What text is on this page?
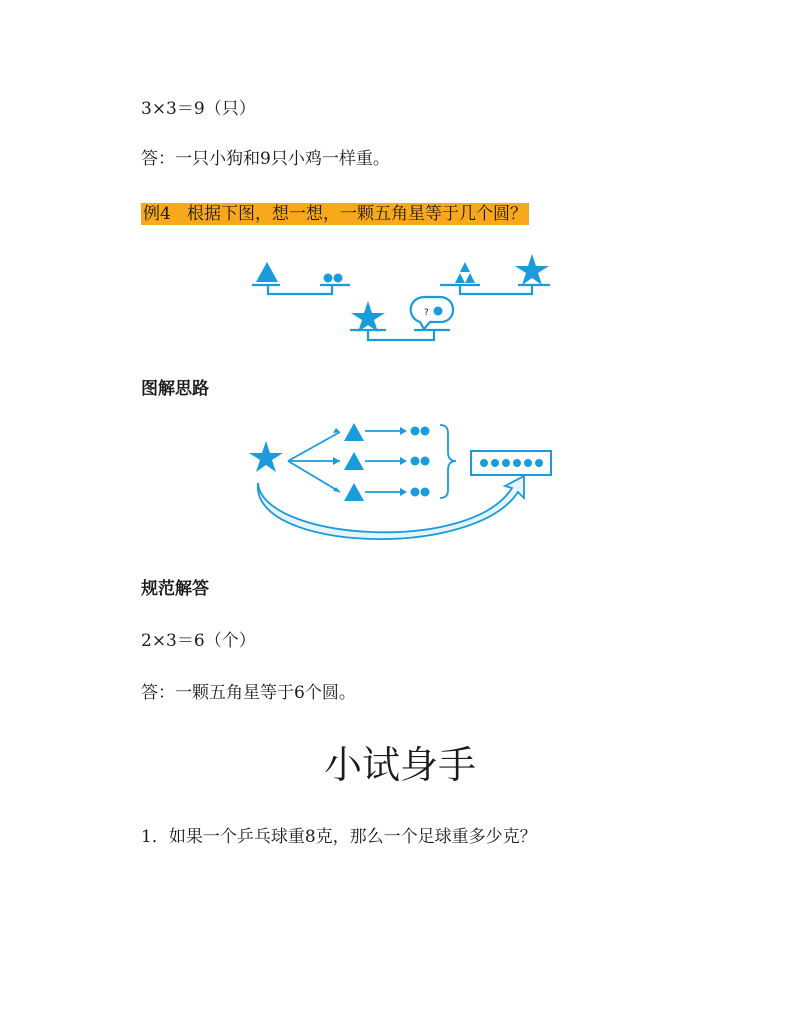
3×3＝9（只）
答：一只小狗和9只小鸡一样重。
例4 根据下图，想一想，一颗五角星等于几个圆？
?
图解思路
规范解答
2×3＝6（个）
答：一颗五角星等于6个圆。
小试身手
1．如果一个乒乓球重8克，那么一个足球重多少克？
